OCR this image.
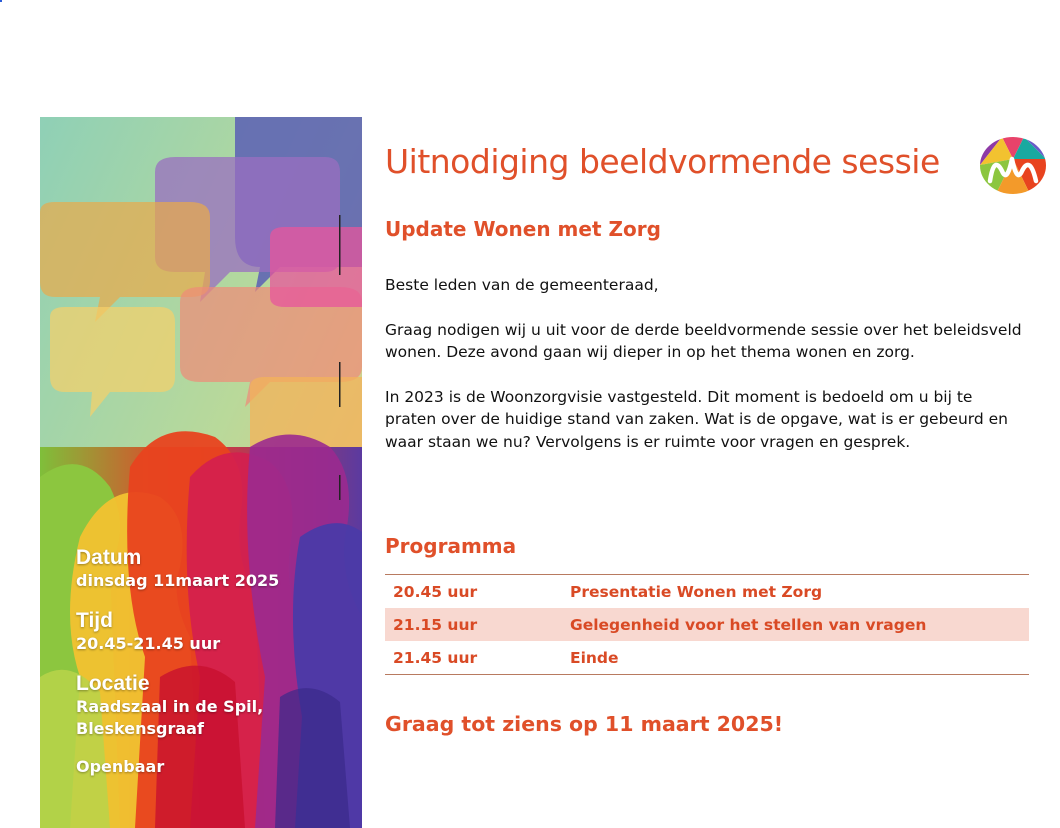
Datum
dinsdag 11maart 2025
Tijd
20.45-21.45 uur
Locatie
Raadszaal in de Spil,
Bleskensgraaf
Openbaar
Uitnodiging beeldvormende sessie
Update Wonen met Zorg

Beste leden van de gemeenteraad,

Graag nodigen wij u uit voor de derde beeldvormende sessie over het beleidsveld wonen. Deze avond gaan wij dieper in op het thema wonen en zorg.

In 2023 is de Woonzorgvisie vastgesteld. Dit moment is bedoeld om u bij te praten over de huidige stand van zaken. Wat is de opgave, wat is er gebeurd en waar staan we nu? Vervolgens is er ruimte voor vragen en gesprek.

Programma
20.45 uur	Presentatie Wonen met Zorg
21.15 uur	Gelegenheid voor het stellen van vragen
21.45 uur	Einde
Graag tot ziens op 11 maart 2025!
